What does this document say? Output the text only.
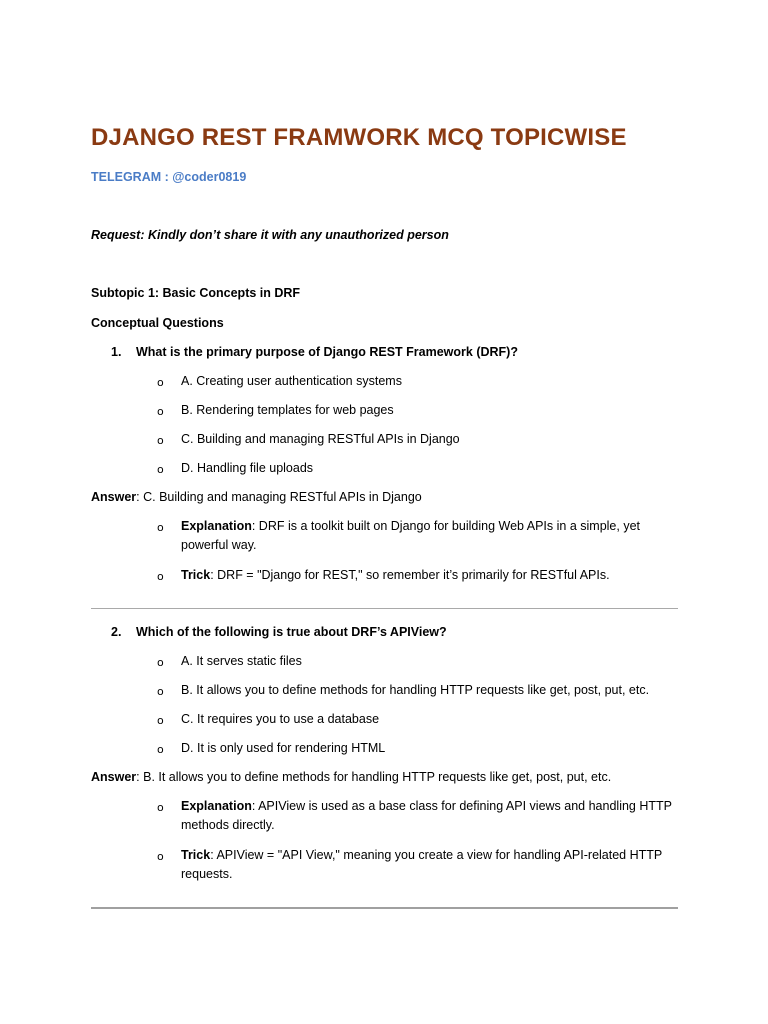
DJANGO REST FRAMWORK MCQ TOPICWISE
TELEGRAM : @coder0819
Request: Kindly don’t share it with any unauthorized person
Subtopic 1: Basic Concepts in DRF
Conceptual Questions
1. What is the primary purpose of Django REST Framework (DRF)?
o A. Creating user authentication systems
o B. Rendering templates for web pages
o C. Building and managing RESTful APIs in Django
o D. Handling file uploads
Answer: C. Building and managing RESTful APIs in Django
o Explanation: DRF is a toolkit built on Django for building Web APIs in a simple, yet powerful way.
o Trick: DRF = "Django for REST," so remember it’s primarily for RESTful APIs.
2. Which of the following is true about DRF’s APIView?
o A. It serves static files
o B. It allows you to define methods for handling HTTP requests like get, post, put, etc.
o C. It requires you to use a database
o D. It is only used for rendering HTML
Answer: B. It allows you to define methods for handling HTTP requests like get, post, put, etc.
o Explanation: APIView is used as a base class for defining API views and handling HTTP methods directly.
o Trick: APIView = "API View," meaning you create a view for handling API-related HTTP requests.
